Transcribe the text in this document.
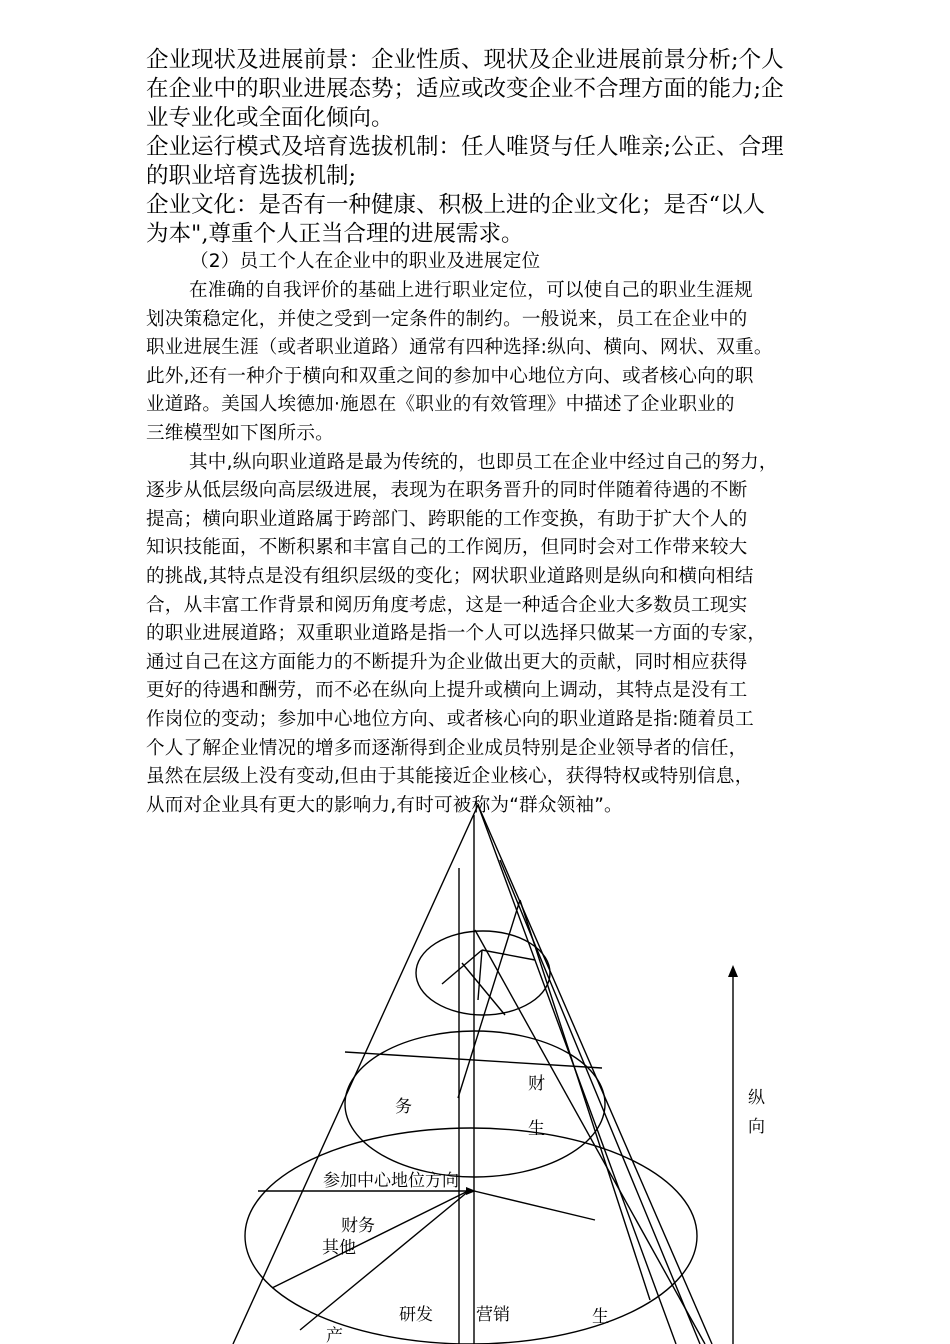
企业现状及进展前景：企业性质、现状及企业进展前景分析;个人
在企业中的职业进展态势；适应或改变企业不合理方面的能力;企
业专业化或全面化倾向。
企业运行模式及培育选拔机制：任人唯贤与任人唯亲;公正、合理
的职业培育选拔机制;
企业文化：是否有一种健康、积极上进的企业文化；是否“以人
为本",尊重个人正当合理的进展需求。
（2）员工个人在企业中的职业及进展定位
在准确的自我评价的基础上进行职业定位，可以使自己的职业生涯规
划决策稳定化，并使之受到一定条件的制约。一般说来，员工在企业中的
职业进展生涯（或者职业道路）通常有四种选择:纵向、横向、网状、双重。
此外,还有一种介于横向和双重之间的参加中心地位方向、或者核心向的职
业道路。美国人埃德加·施恩在《职业的有效管理》中描述了企业职业的
三维模型如下图所示。
其中,纵向职业道路是最为传统的，也即员工在企业中经过自己的努力，
逐步从低层级向高层级进展，表现为在职务晋升的同时伴随着待遇的不断
提高；横向职业道路属于跨部门、跨职能的工作变换，有助于扩大个人的
知识技能面，不断积累和丰富自己的工作阅历，但同时会对工作带来较大
的挑战,其特点是没有组织层级的变化；网状职业道路则是纵向和横向相结
合，从丰富工作背景和阅历角度考虑，这是一种适合企业大多数员工现实
的职业进展道路；双重职业道路是指一个人可以选择只做某一方面的专家，
通过自己在这方面能力的不断提升为企业做出更大的贡献，同时相应获得
更好的待遇和酬劳，而不必在纵向上提升或横向上调动，其特点是没有工
作岗位的变动；参加中心地位方向、或者核心向的职业道路是指:随着员工
个人了解企业情况的增多而逐渐得到企业成员特别是企业领导者的信任，
虽然在层级上没有变动,但由于其能接近企业核心，获得特权或特别信息，
从而对企业具有更大的影响力,有时可被称为“群众领袖”。
纵
向
务
财
生
参加中心地位方向
财务
其他
研发	营销	生
产
